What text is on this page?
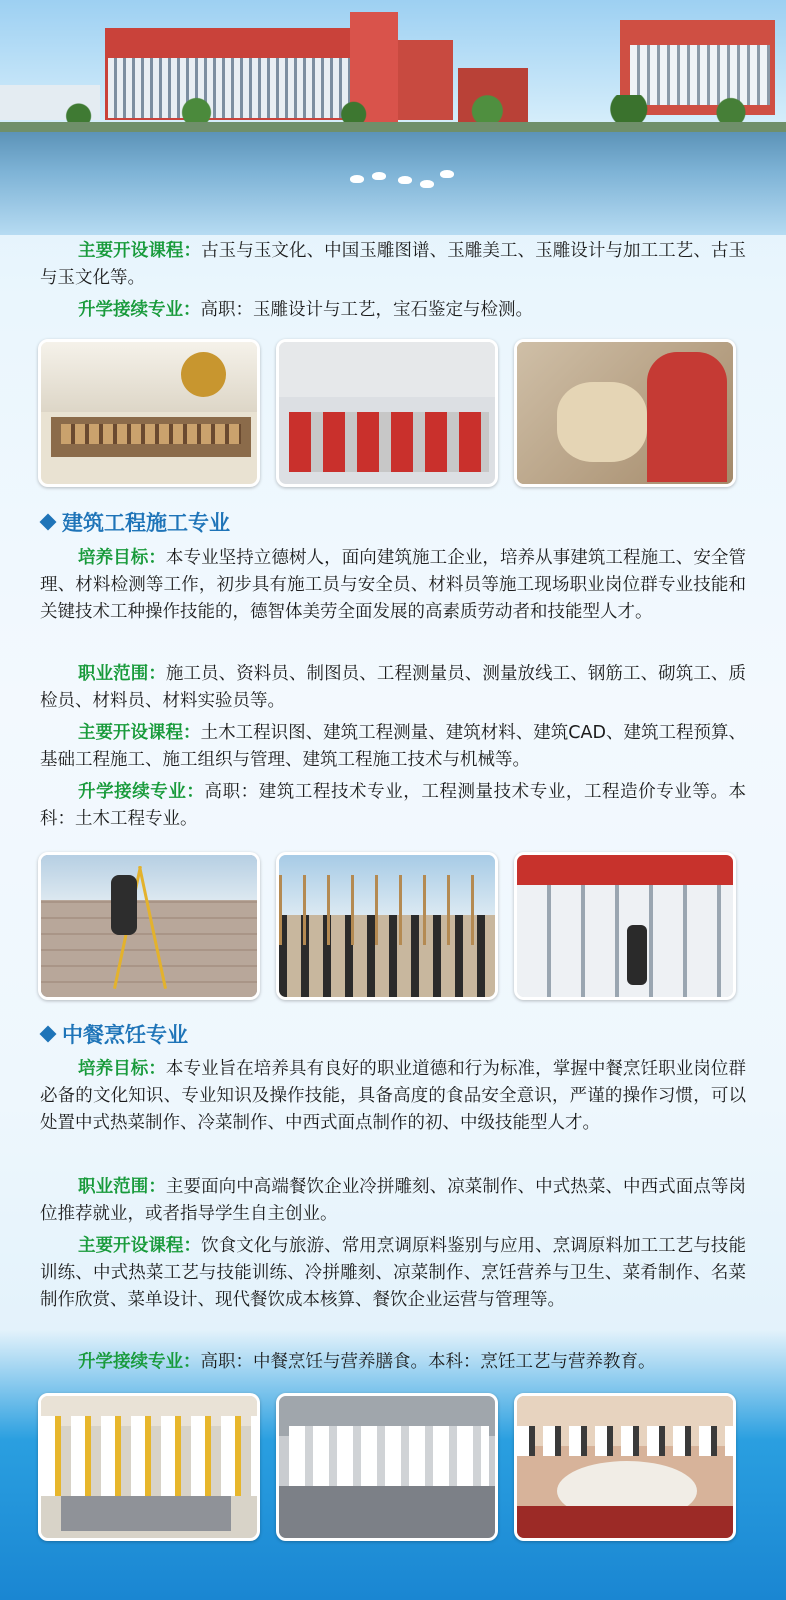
主要开设课程：古玉与玉文化、中国玉雕图谱、玉雕美工、玉雕设计与加工工艺、古玉与玉文化等。

升学接续专业：高职：玉雕设计与工艺，宝石鉴定与检测。

建筑工程施工专业

培养目标：本专业坚持立德树人，面向建筑施工企业，培养从事建筑工程施工、安全管理、材料检测等工作，初步具有施工员与安全员、材料员等施工现场职业岗位群专业技能和关键技术工种操作技能的，德智体美劳全面发展的高素质劳动者和技能型人才。

职业范围：施工员、资料员、制图员、工程测量员、测量放线工、钢筋工、砌筑工、质检员、材料员、材料实验员等。

主要开设课程：土木工程识图、建筑工程测量、建筑材料、建筑CAD、建筑工程预算、基础工程施工、施工组织与管理、建筑工程施工技术与机械等。

升学接续专业：高职：建筑工程技术专业，工程测量技术专业，工程造价专业等。本科：土木工程专业。

中餐烹饪专业

培养目标：本专业旨在培养具有良好的职业道德和行为标准，掌握中餐烹饪职业岗位群必备的文化知识、专业知识及操作技能，具备高度的食品安全意识，严谨的操作习惯，可以处置中式热菜制作、冷菜制作、中西式面点制作的初、中级技能型人才。

职业范围：主要面向中高端餐饮企业冷拼雕刻、凉菜制作、中式热菜、中西式面点等岗位推荐就业，或者指导学生自主创业。

主要开设课程：饮食文化与旅游、常用烹调原料鉴别与应用、烹调原料加工工艺与技能训练、中式热菜工艺与技能训练、冷拼雕刻、凉菜制作、烹饪营养与卫生、菜肴制作、名菜制作欣赏、菜单设计、现代餐饮成本核算、餐饮企业运营与管理等。

升学接续专业：高职：中餐烹饪与营养膳食。本科：烹饪工艺与营养教育。
